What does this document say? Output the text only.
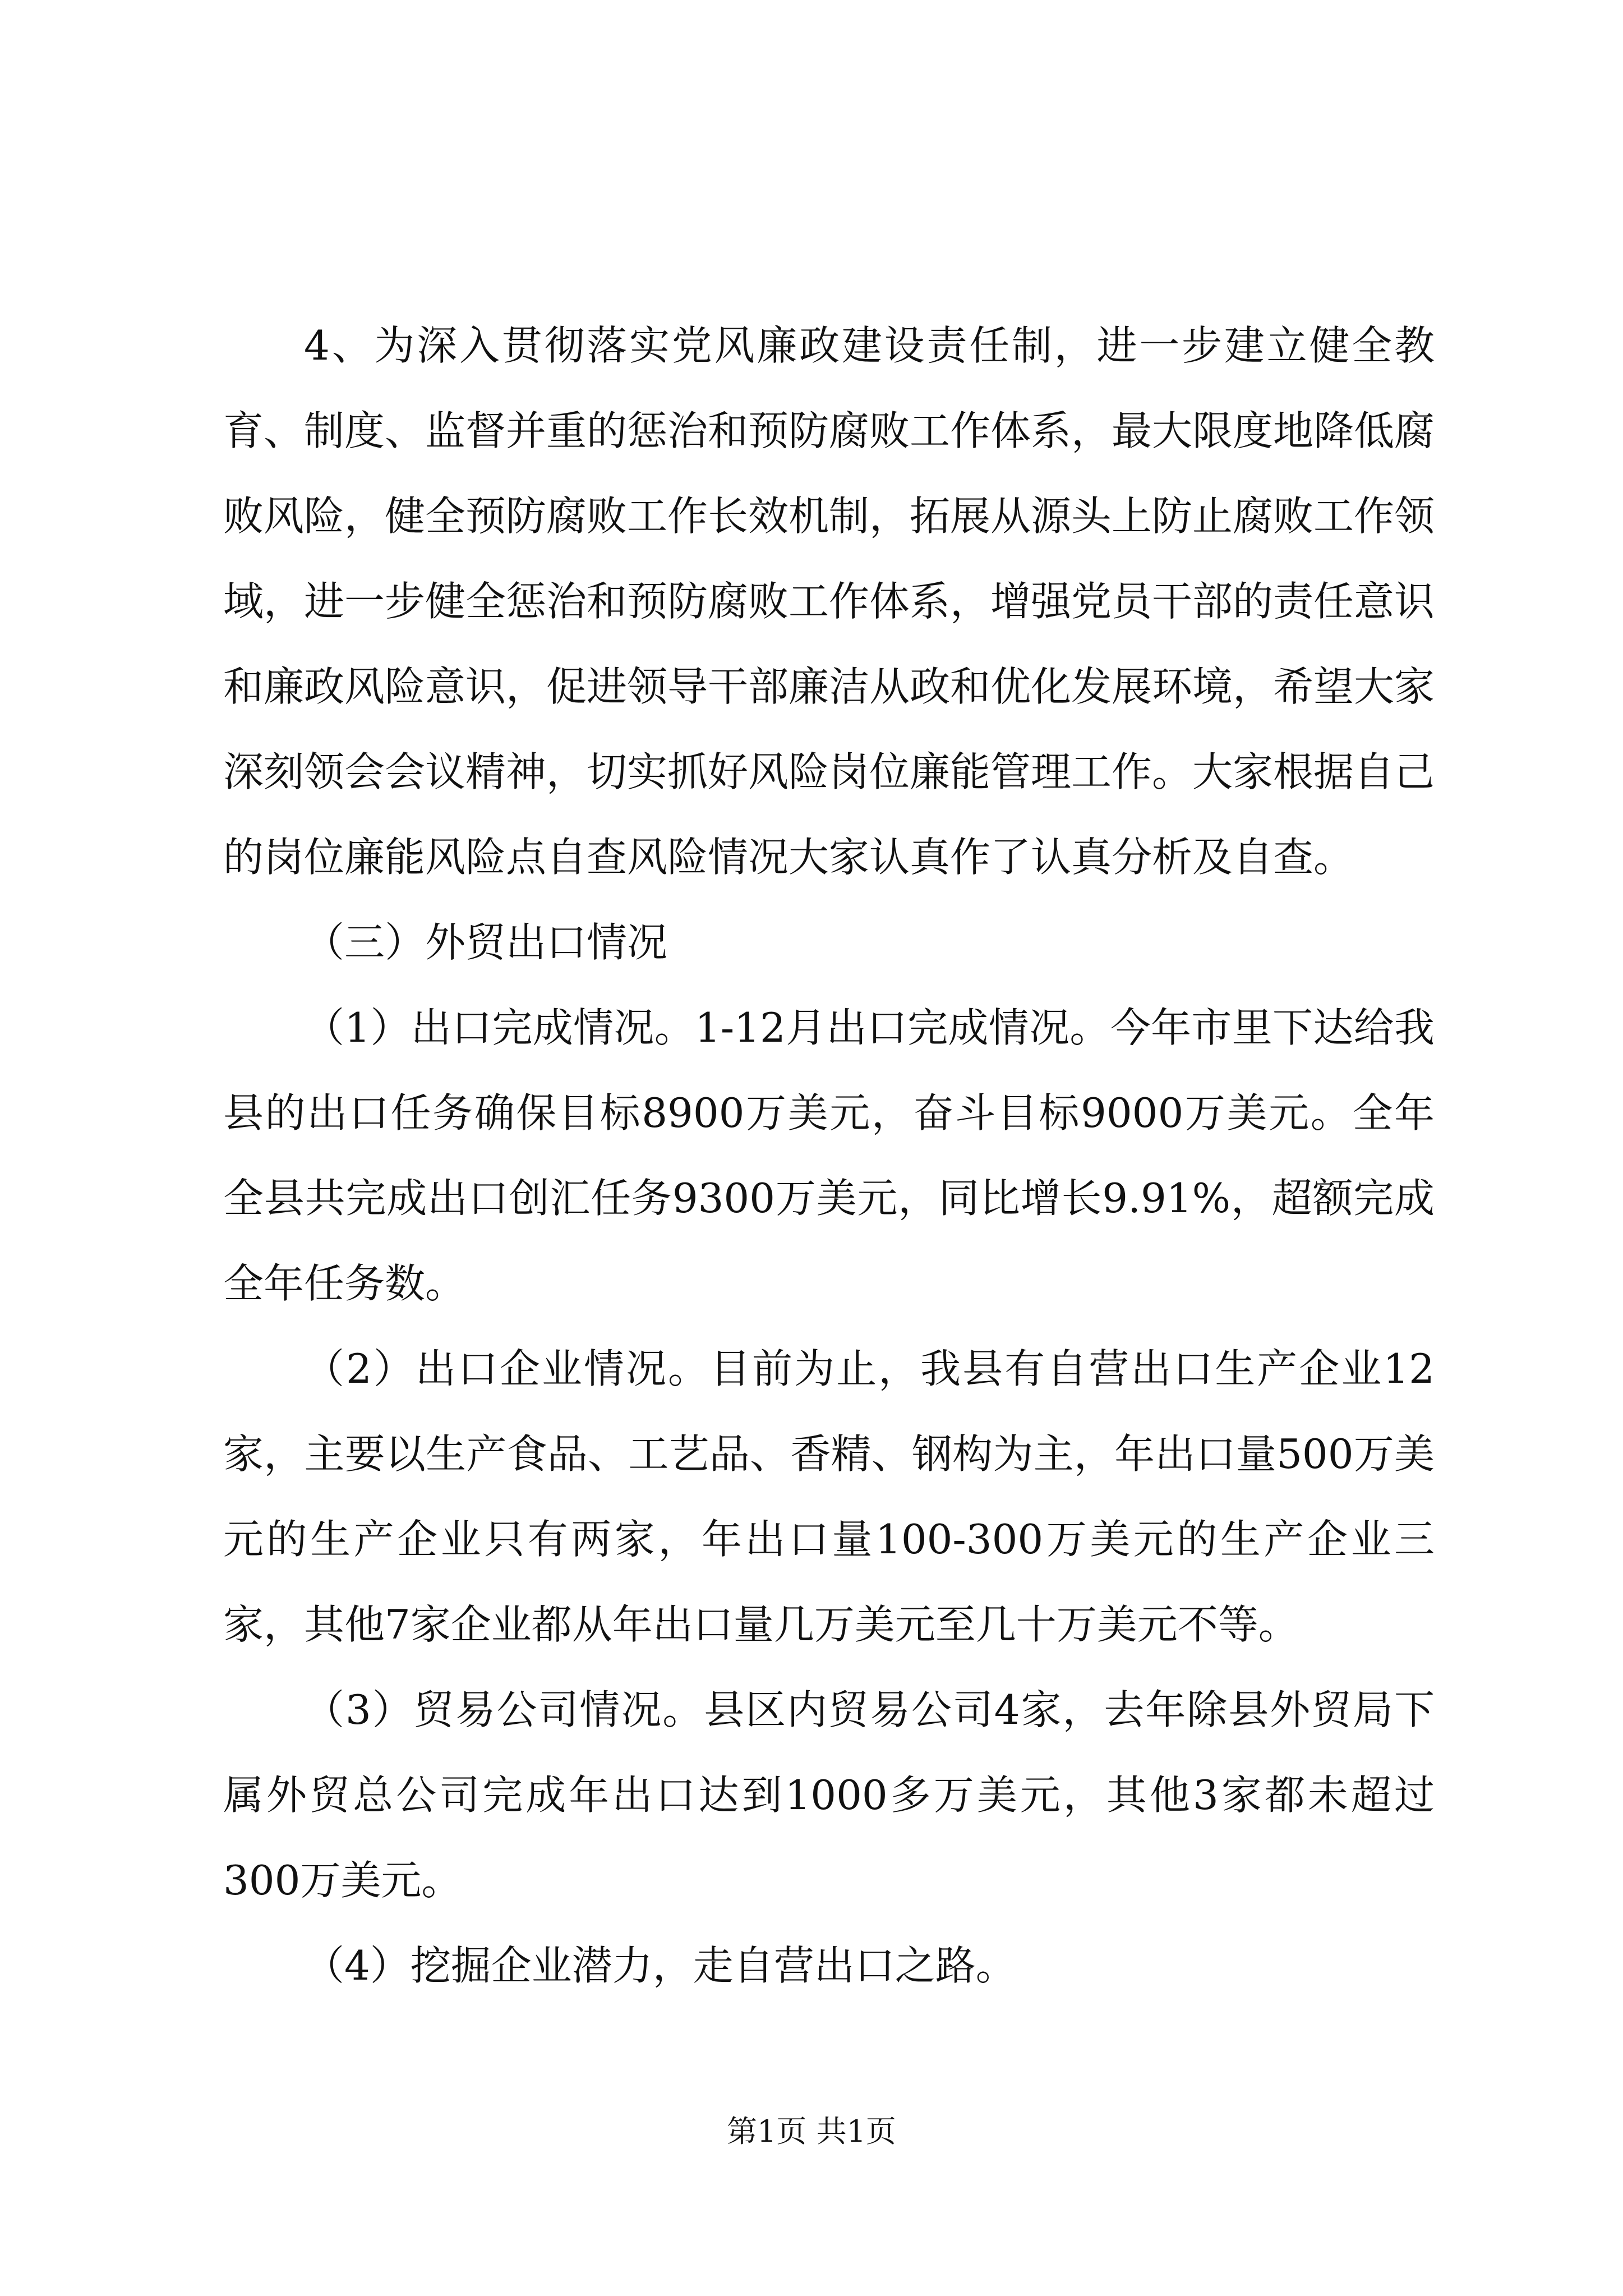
4、为深入贯彻落实党风廉政建设责任制，进一步建立健全教育、制度、监督并重的惩治和预防腐败工作体系，最大限度地降低腐败风险，健全预防腐败工作长效机制，拓展从源头上防止腐败工作领域，进一步健全惩治和预防腐败工作体系，增强党员干部的责任意识和廉政风险意识，促进领导干部廉洁从政和优化发展环境，希望大家深刻领会会议精神，切实抓好风险岗位廉能管理工作。大家根据自己的岗位廉能风险点自查风险情况大家认真作了认真分析及自查。

（三）外贸出口情况

（1）出口完成情况。1-12月出口完成情况。今年市里下达给我县的出口任务确保目标8900万美元，奋斗目标9000万美元。全年全县共完成出口创汇任务9300万美元，同比增长9.91%，超额完成全年任务数。

（2）出口企业情况。目前为止，我县有自营出口生产企业12家，主要以生产食品、工艺品、香精、钢构为主，年出口量500万美元的生产企业只有两家，年出口量100-300万美元的生产企业三家，其他7家企业都从年出口量几万美元至几十万美元不等。

（3）贸易公司情况。县区内贸易公司4家，去年除县外贸局下属外贸总公司完成年出口达到1000多万美元，其他3家都未超过300万美元。

（4）挖掘企业潜力，走自营出口之路。

第1页 共1页
